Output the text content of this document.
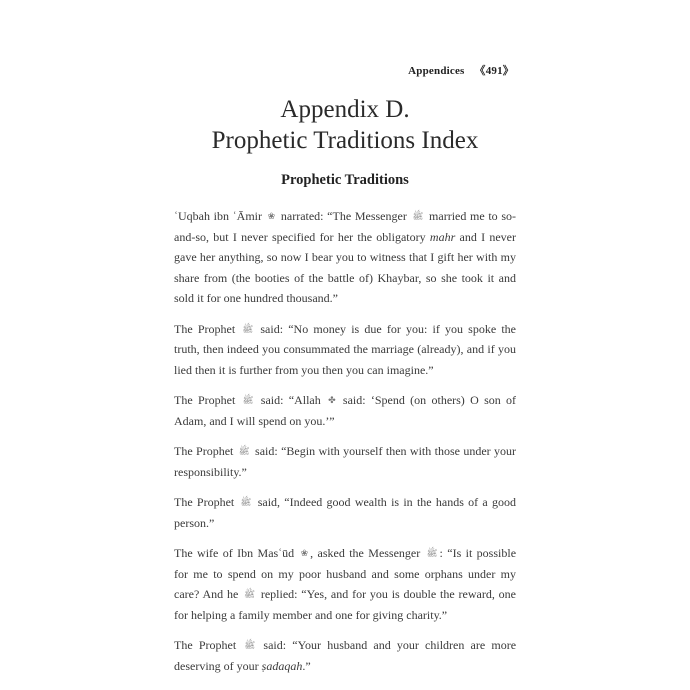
Appendices 《491》
Appendix D.
Prophetic Traditions Index
Prophetic Traditions

ʿUqbah ibn ʿĀmir ❀ narrated: “The Messenger ﷺ married me to so-and-so, but I never specified for her the obligatory mahr and I never gave her anything, so now I bear you to witness that I gift her with my share from (the booties of the battle of) Khaybar, so she took it and sold it for one hundred thousand.”

The Prophet ﷺ said: “No money is due for you: if you spoke the truth, then indeed you consummated the marriage (already), and if you lied then it is further from you then you can imagine.”

The Prophet ﷺ said: “Allah ✤ said: ‘Spend (on others) O son of Adam, and I will spend on you.’”

The Prophet ﷺ said: “Begin with yourself then with those under your responsibility.”

The Prophet ﷺ said, “Indeed good wealth is in the hands of a good person.”

The wife of Ibn Masʿūd ❀ , asked the Messenger ﷺ : “Is it possible for me to spend on my poor husband and some orphans under my care? And he ﷺ replied: “Yes, and for you is double the reward, one for helping a family member and one for giving charity.”

The Prophet ﷺ said: “Your husband and your children are more deserving of your ṣadaqah.”
